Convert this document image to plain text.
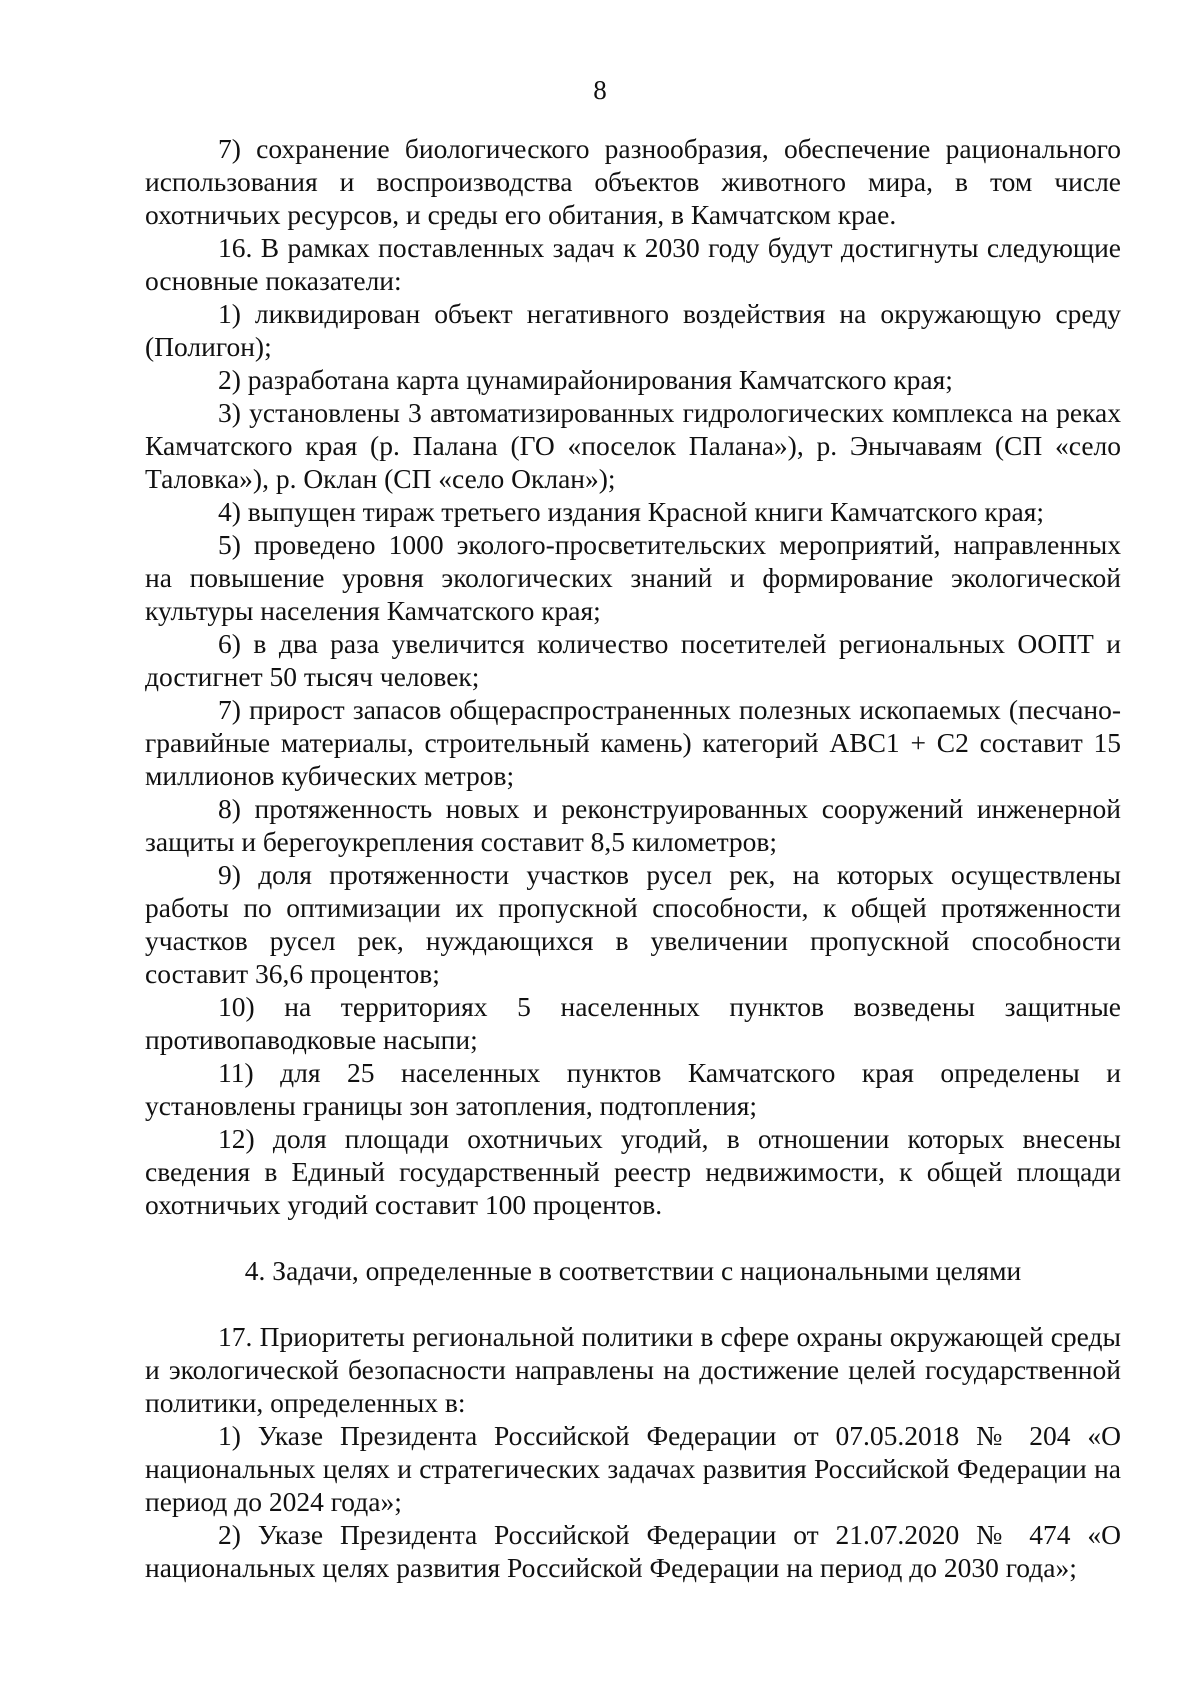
8

7) сохранение биологического разнообразия, обеспечение рационального использования и воспроизводства объектов животного мира, в том числе охотничьих ресурсов, и среды его обитания, в Камчатском крае.

16. В рамках поставленных задач к 2030 году будут достигнуты следующие основные показатели:

1) ликвидирован объект негативного воздействия на окружающую среду (Полигон);

2) разработана карта цунамирайонирования Камчатского края;

3) установлены 3 автоматизированных гидрологических комплекса на реках Камчатского края (р. Палана (ГО «поселок Палана»), р. Энычаваям (СП «село Таловка»), р. Оклан (СП «село Оклан»);

4) выпущен тираж третьего издания Красной книги Камчатского края;

5) проведено 1000 эколого-просветительских мероприятий, направленных на повышение уровня экологических знаний и формирование экологической культуры населения Камчатского края;

6) в два раза увеличится количество посетителей региональных ООПТ и достигнет 50 тысяч человек;

7) прирост запасов общераспространенных полезных ископаемых (песчано-гравийные материалы, строительный камень) категорий АВС1 + С2 составит 15 миллионов кубических метров;

8) протяженность новых и реконструированных сооружений инженерной защиты и берегоукрепления составит 8,5 километров;

9) доля протяженности участков русел рек, на которых осуществлены работы по оптимизации их пропускной способности, к общей протяженности участков русел рек, нуждающихся в увеличении пропускной способности составит 36,6 процентов;

10) на территориях 5 населенных пунктов возведены защитные противопаводковые насыпи;

11) для 25 населенных пунктов Камчатского края определены и установлены границы зон затопления, подтопления;

12) доля площади охотничьих угодий, в отношении которых внесены сведения в Единый государственный реестр недвижимости, к общей площади охотничьих угодий составит 100 процентов.

4. Задачи, определенные в соответствии с национальными целями

17. Приоритеты региональной политики в сфере охраны окружающей среды и экологической безопасности направлены на достижение целей государственной политики, определенных в:

1) Указе Президента Российской Федерации от 07.05.2018 № 204 «О национальных целях и стратегических задачах развития Российской Федерации на период до 2024 года»;

2) Указе Президента Российской Федерации от 21.07.2020 № 474 «О национальных целях развития Российской Федерации на период до 2030 года»;
